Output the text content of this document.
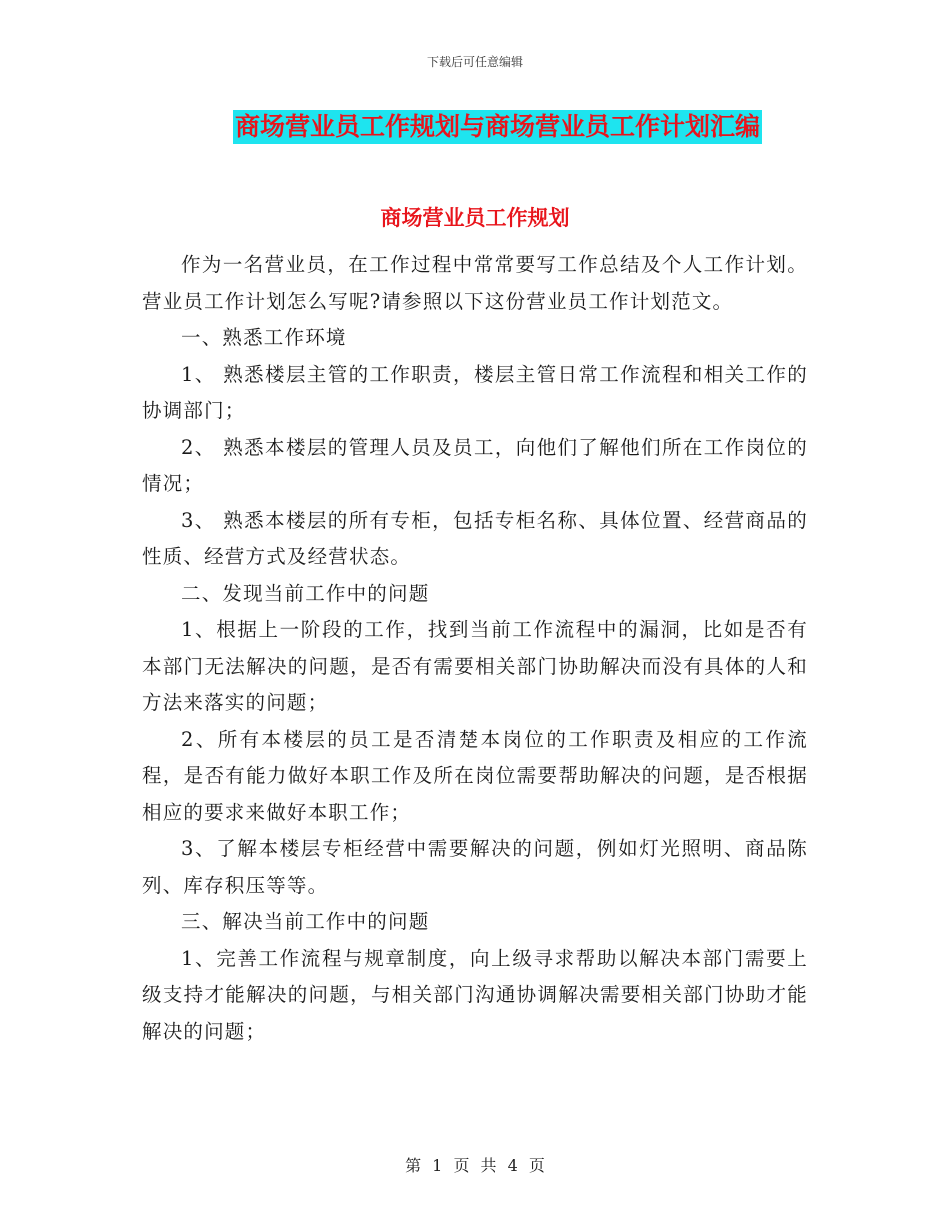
下载后可任意编辑
商场营业员工作规划与商场营业员工作计划汇编
商场营业员工作规划

作为一名营业员，在工作过程中常常要写工作总结及个人工作计划。营业员工作计划怎么写呢?请参照以下这份营业员工作计划范文。

一、熟悉工作环境

1、 熟悉楼层主管的工作职责，楼层主管日常工作流程和相关工作的协调部门；

2、 熟悉本楼层的管理人员及员工，向他们了解他们所在工作岗位的情况；

3、 熟悉本楼层的所有专柜，包括专柜名称、具体位置、经营商品的性质、经营方式及经营状态。

二、发现当前工作中的问题

1、根据上一阶段的工作，找到当前工作流程中的漏洞，比如是否有本部门无法解决的问题，是否有需要相关部门协助解决而没有具体的人和方法来落实的问题；

2、所有本楼层的员工是否清楚本岗位的工作职责及相应的工作流程，是否有能力做好本职工作及所在岗位需要帮助解决的问题，是否根据相应的要求来做好本职工作；

3、了解本楼层专柜经营中需要解决的问题，例如灯光照明、商品陈列、库存积压等等。

三、解决当前工作中的问题

1、完善工作流程与规章制度，向上级寻求帮助以解决本部门需要上级支持才能解决的问题，与相关部门沟通协调解决需要相关部门协助才能解决的问题；

第 1 页 共 4 页
